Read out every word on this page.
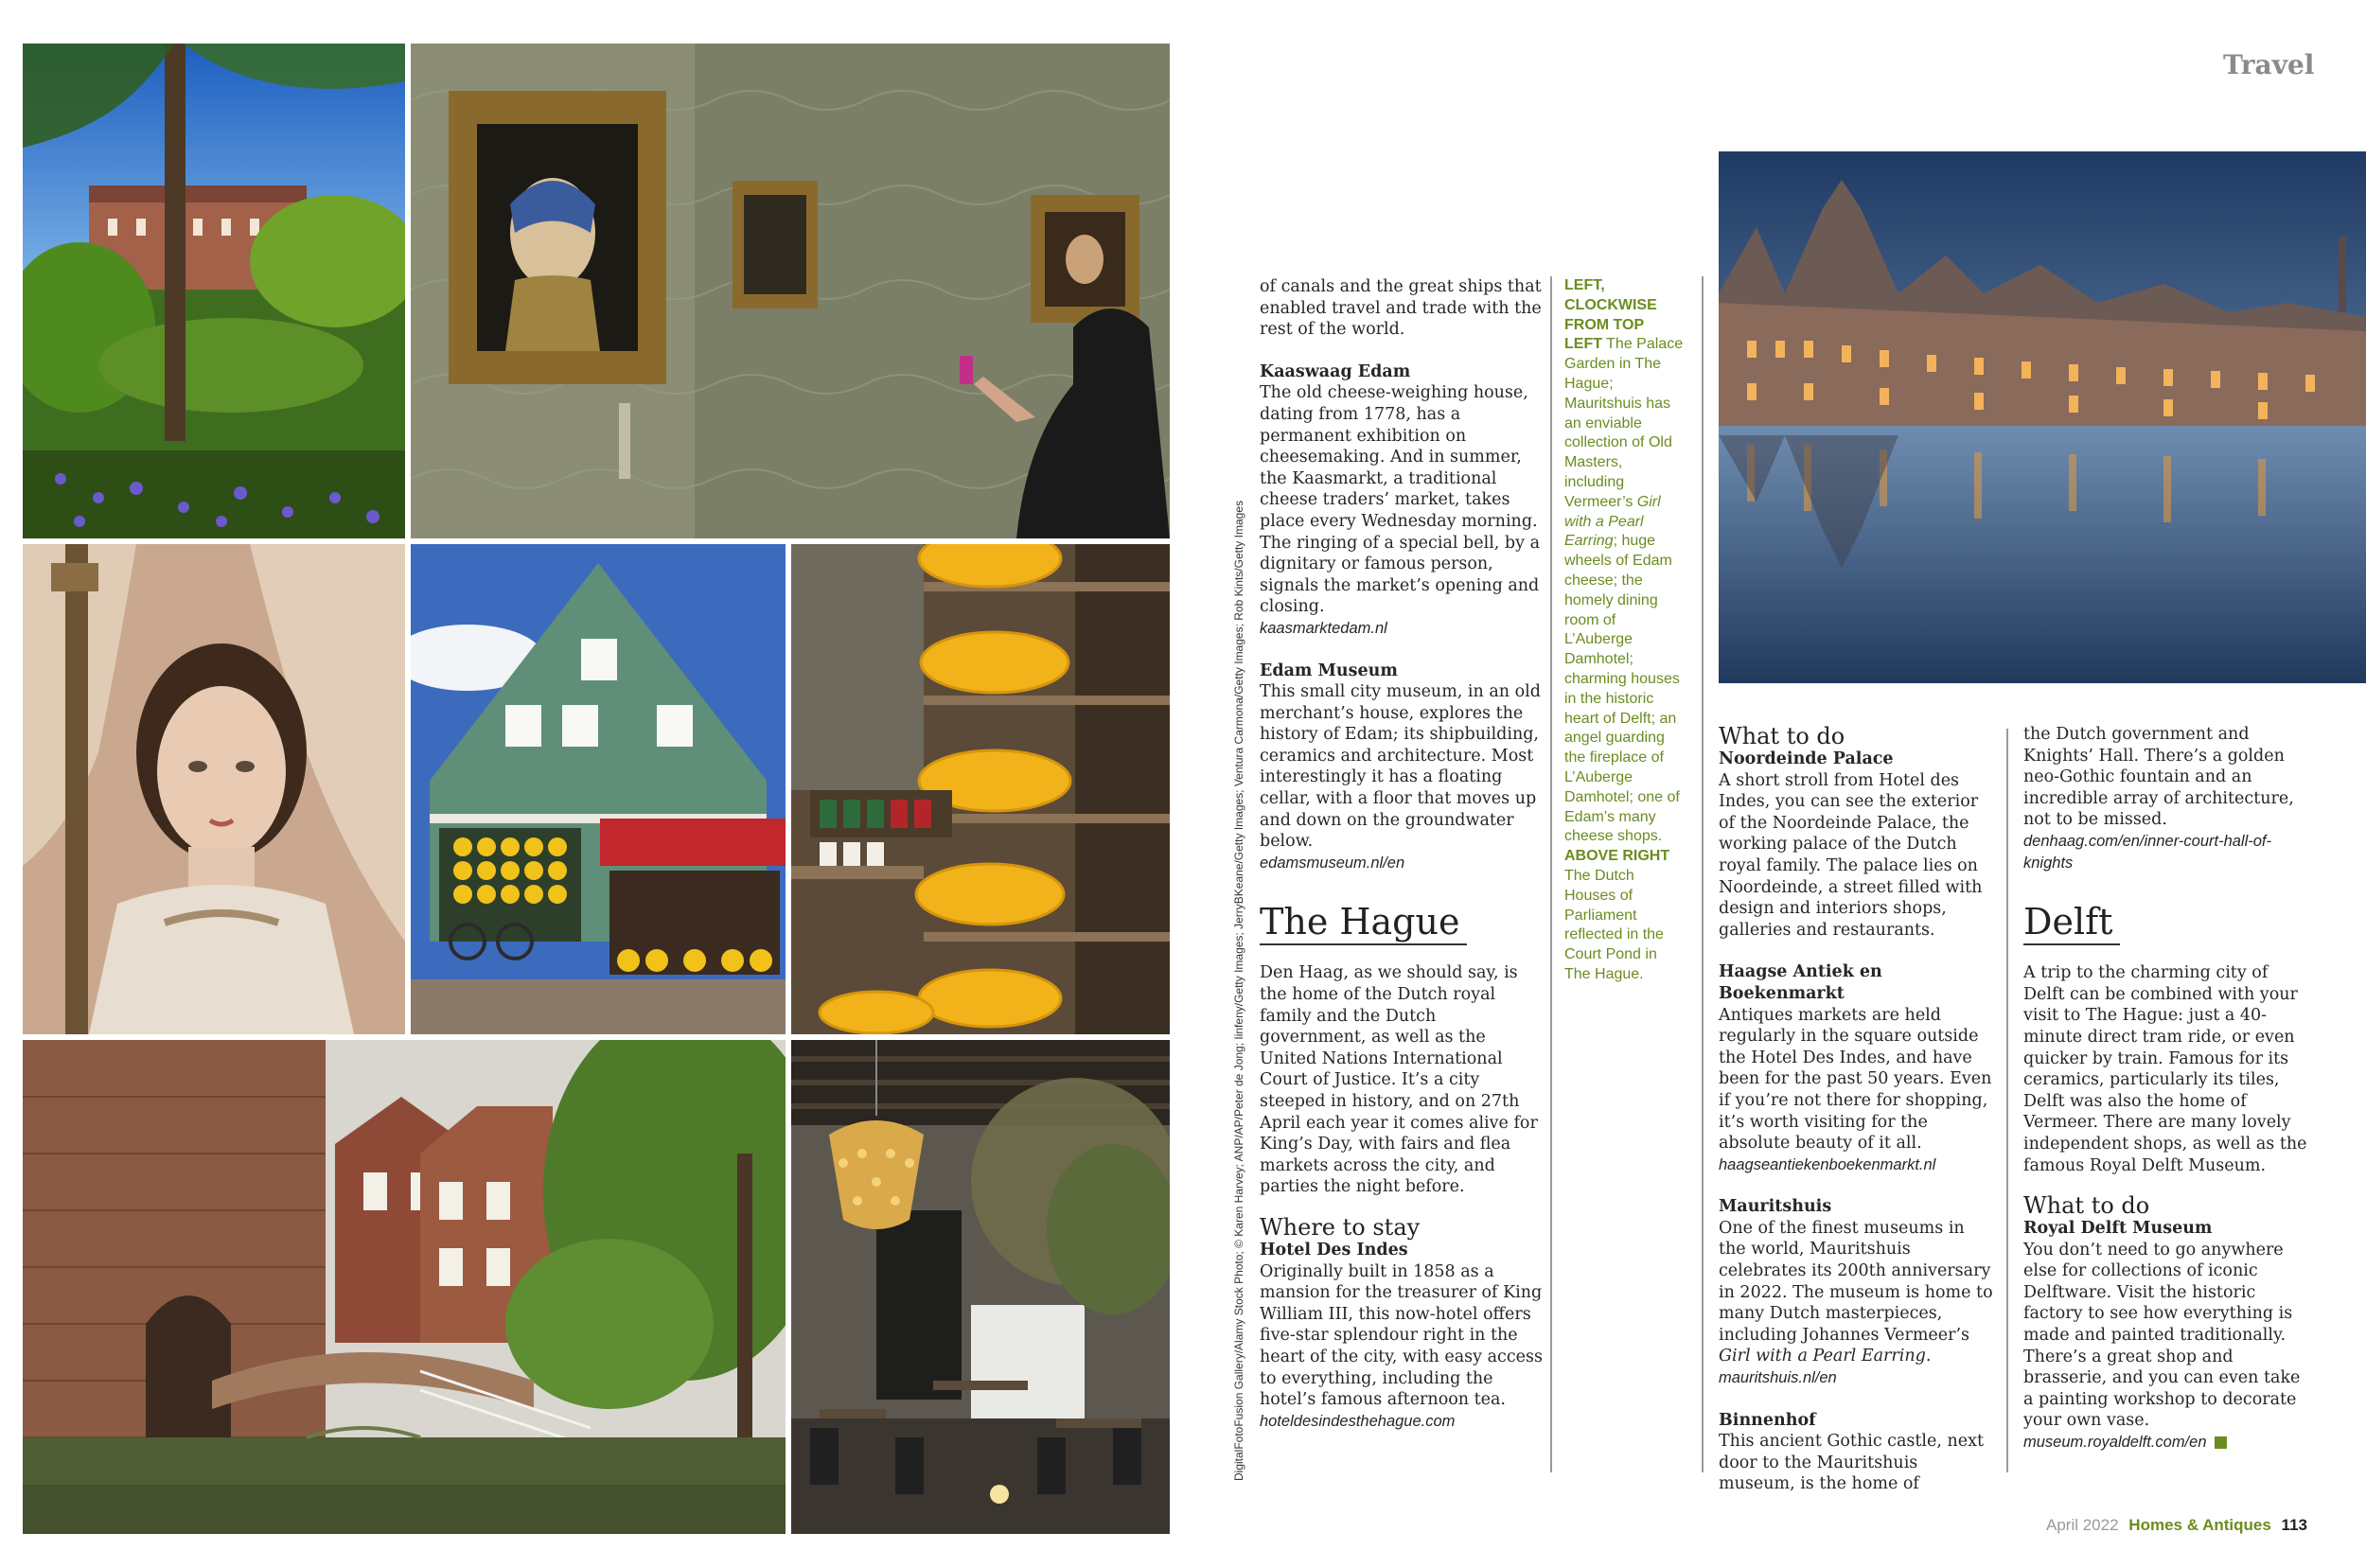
Travel
DigitalFotoFusion Gallery/Alamy Stock Photo; © Karen Harvey; ANP/AP/Peter de Jong; Iinfeny/Getty Images; JerryBKeane/Getty Images; Ventura Carmona/Getty Images; Rob Kints/Getty Images

of canals and the great ships that enabled travel and trade with the rest of the world.

Kaaswaag Edam

The old cheese-weighing house, dating from 1778, has a permanent exhibition on cheesemaking. And in summer, the Kaasmarkt, a traditional cheese traders’ market, takes place every Wednesday morning. The ringing of a special bell, by a dignitary or famous person, signals the market’s opening and closing.

kaasmarktedam.nl

Edam Museum

This small city museum, in an old merchant’s house, explores the history of Edam; its shipbuilding, ceramics and architecture. Most interestingly it has a floating cellar, with a floor that moves up and down on the groundwater below.

edamsmuseum.nl/en

The Hague

Den Haag, as we should say, is the home of the Dutch royal family and the Dutch government, as well as the United Nations International Court of Justice. It’s a city steeped in history, and on 27th April each year it comes alive for King’s Day, with fairs and flea markets across the city, and parties the night before.

Where to stay

Hotel Des Indes

Originally built in 1858 as a mansion for the treasurer of King William III, this now-hotel offers five-star splendour right in the heart of the city, with easy access to everything, including the hotel’s famous afternoon tea.

hoteldesindesthehague.com

LEFT, CLOCKWISE FROM TOP LEFT The Palace Garden in The Hague; Mauritshuis has an enviable collection of Old Masters, including Vermeer’s Girl with a Pearl Earring; huge wheels of Edam cheese; the homely dining room of L’Auberge Damhotel; charming houses in the historic heart of Delft; an angel guarding the fireplace of L’Auberge Damhotel; one of Edam’s many cheese shops. ABOVE RIGHT The Dutch Houses of Parliament reflected in the Court Pond in The Hague.

What to do

Noordeinde Palace

A short stroll from Hotel des Indes, you can see the exterior of the Noordeinde Palace, the working palace of the Dutch royal family. The palace lies on Noordeinde, a street filled with design and interiors shops, galleries and restaurants.

Haagse Antiek en Boekenmarkt

Antiques markets are held regularly in the square outside the Hotel Des Indes, and have been for the past 50 years. Even if you’re not there for shopping, it’s worth visiting for the absolute beauty of it all.

haagseantiekenboekenmarkt.nl

Mauritshuis

One of the finest museums in the world, Mauritshuis celebrates its 200th anniversary in 2022. The museum is home to many Dutch masterpieces, including Johannes Vermeer’s Girl with a Pearl Earring.

mauritshuis.nl/en

Binnenhof

This ancient Gothic castle, next door to the Mauritshuis museum, is the home of

the Dutch government and Knights’ Hall. There’s a golden neo-Gothic fountain and an incredible array of architecture, not to be missed.

denhaag.com/en/inner-court-hall-of-knights

Delft

A trip to the charming city of Delft can be combined with your visit to The Hague: just a 40-minute direct tram ride, or even quicker by train. Famous for its ceramics, particularly its tiles, Delft was also the home of Vermeer. There are many lovely independent shops, as well as the famous Royal Delft Museum.

What to do

Royal Delft Museum

You don’t need to go anywhere else for collections of iconic Delftware. Visit the historic factory to see how everything is made and painted traditionally. There’s a great shop and brasserie, and you can even take a painting workshop to decorate your own vase.

museum.royaldelft.com/en

April 2022 Homes & Antiques 113
